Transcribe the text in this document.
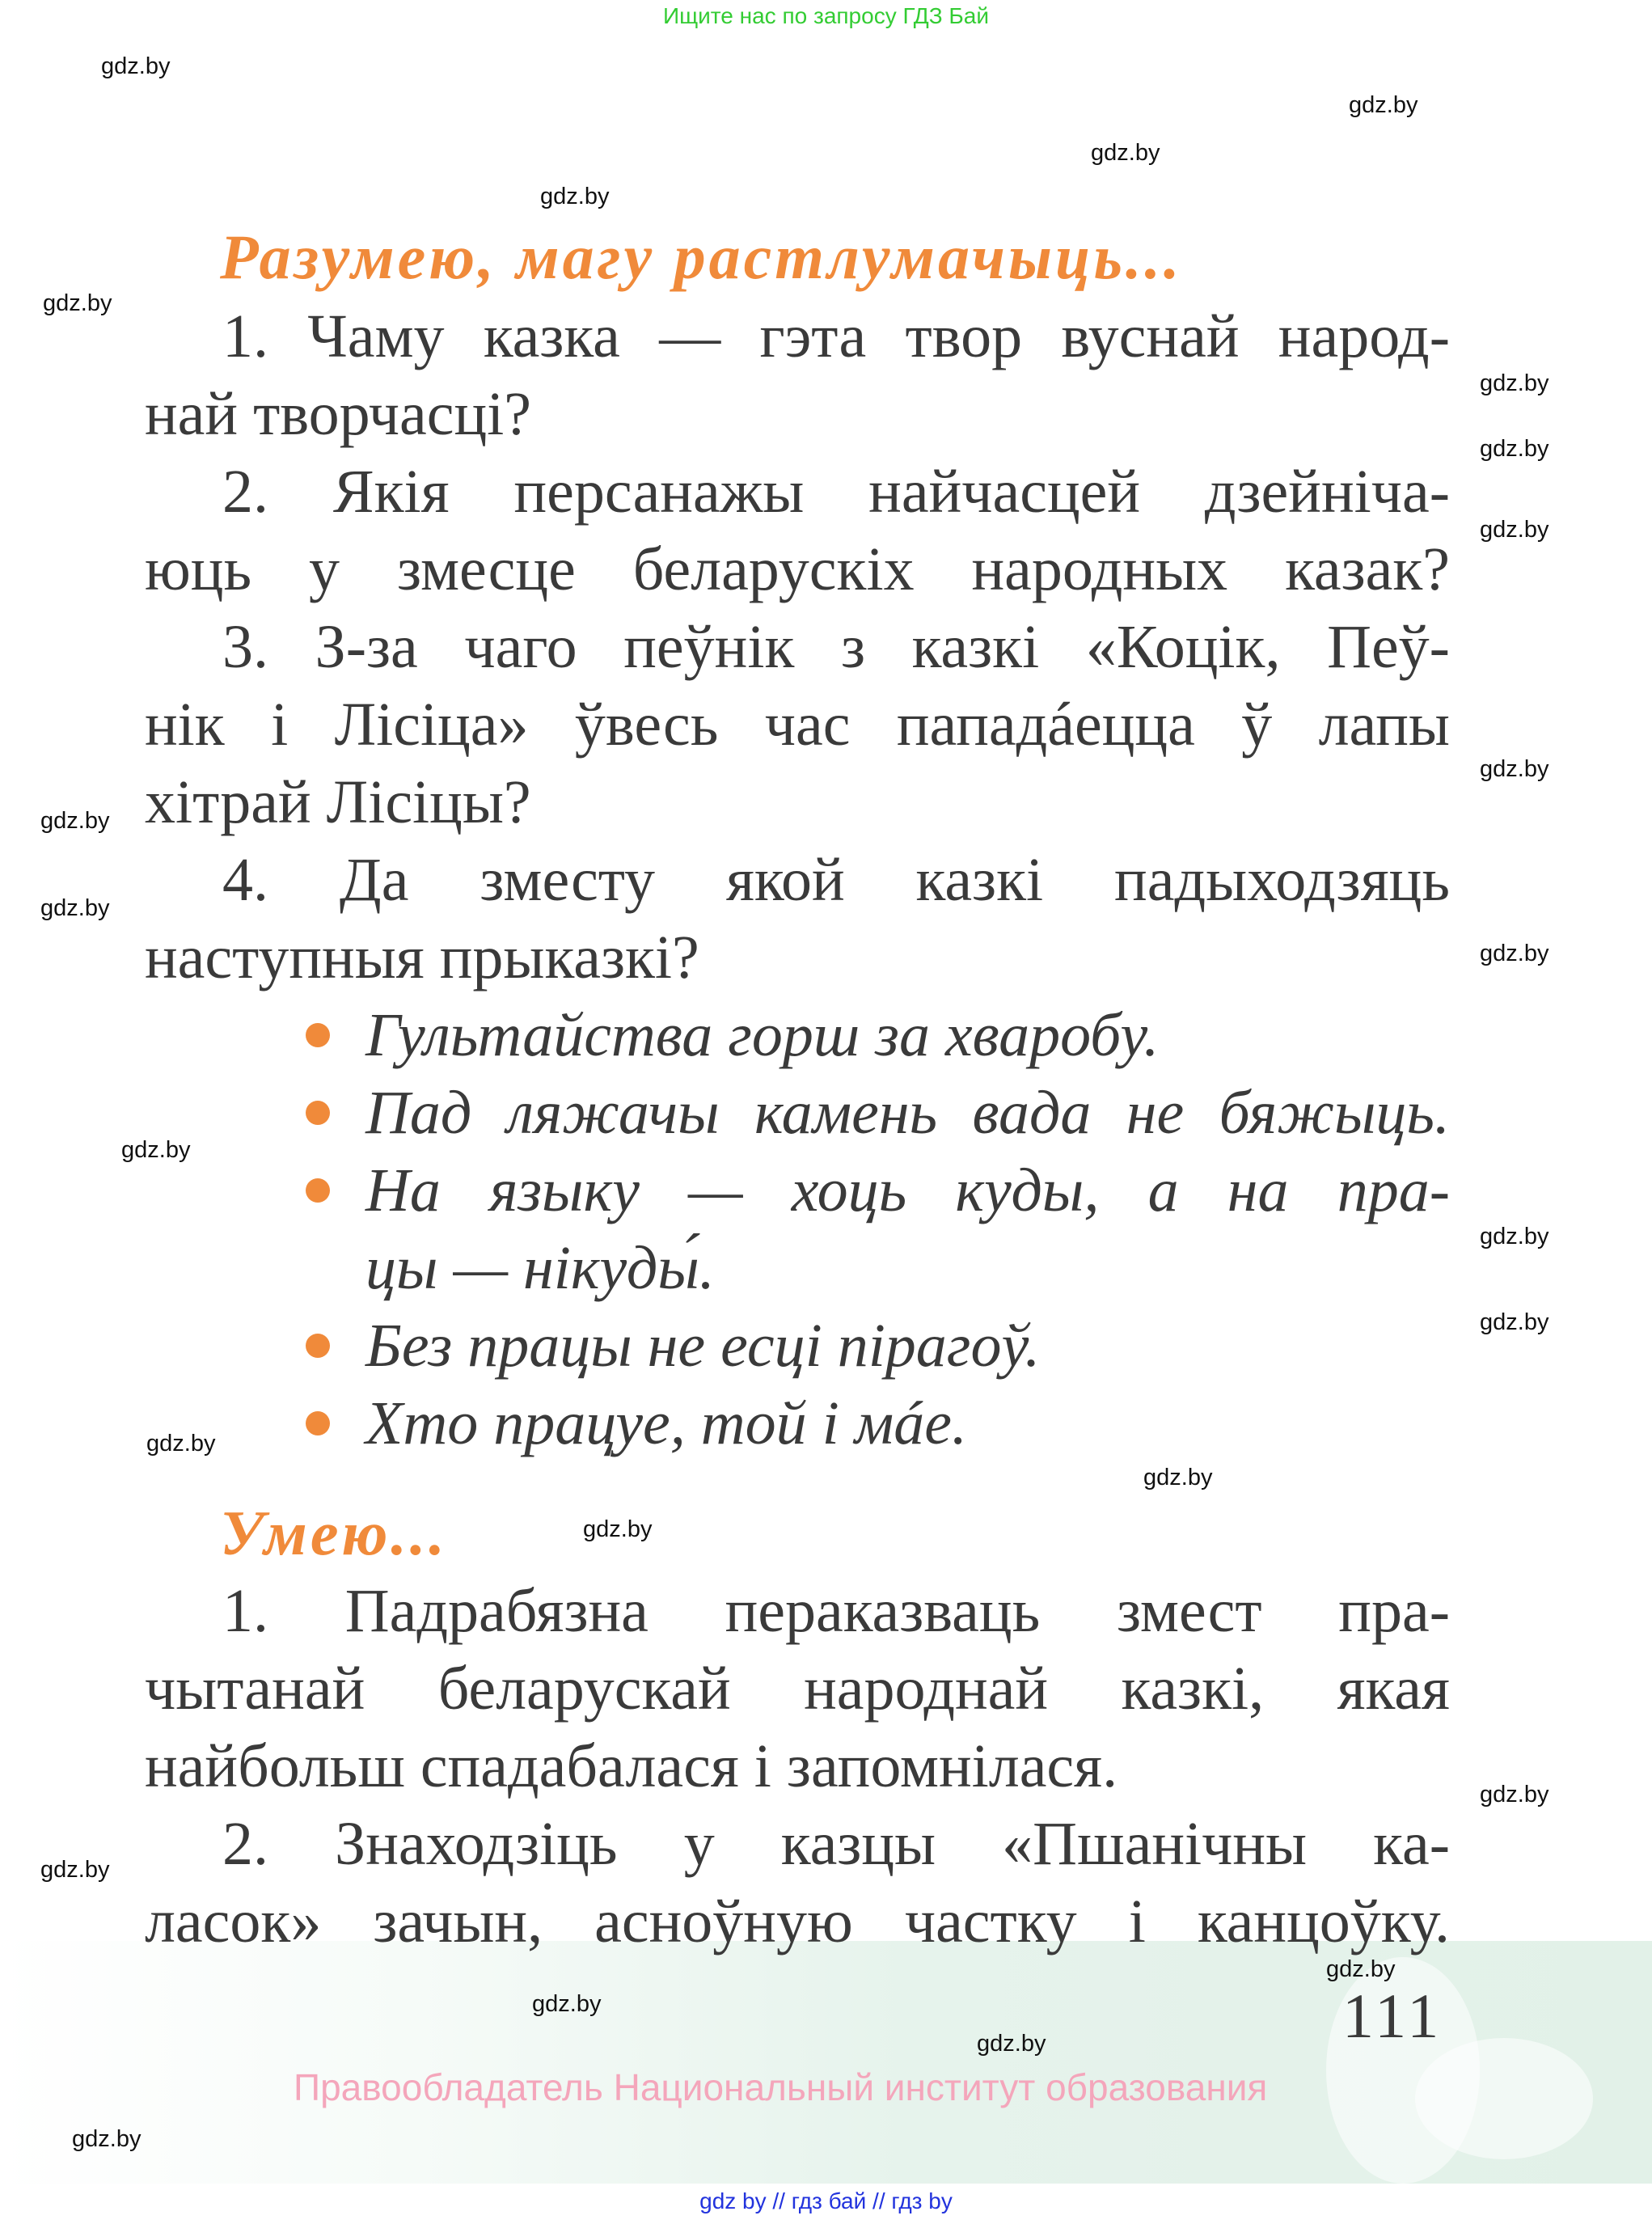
Ищите нас по запросу ГДЗ Бай
Разумею, магу растлумачыць...
1. Чаму казка — гэта твор вуснай народ-
най творчасці?
2. Якія персанажы найчасцей дзейніча-
юць у змесце беларускіх народных казак?
3. З-за чаго пеўнік з казкі «Коцік, Пеў-
нік і Лісіца» ўвесь час пападáецца ў лапы
хітрай Лісіцы?
4. Да зместу якой казкі падыходзяць
наступныя прыказкі?
Гультайства горш за хваробу.
Пад ляжачы камень вада не бяжыць.
На языку — хоць куды, а на пра-
цы — нікуды́.
Без працы не есці пірагоў.
Хто працуе, той і мáе.
Умею...
1. Падрабязна пераказваць змест пра-
чытанай беларускай народнай казкі, якая
найбольш спадабалася і запомнілася.
2. Знаходзіць у казцы «Пшанічны ка-
ласок» зачын, асноўную частку і канцоўку.
111
Правообладатель Национальный институт образования
gdz by // гдз бай // гдз by
gdz.by
gdz.by
gdz.by
gdz.by
gdz.by
gdz.by
gdz.by
gdz.by
gdz.by
gdz.by
gdz.by
gdz.by
gdz.by
gdz.by
gdz.by
gdz.by
gdz.by
gdz.by
gdz.by
gdz.by
gdz.by
gdz.by
gdz.by
gdz.by
